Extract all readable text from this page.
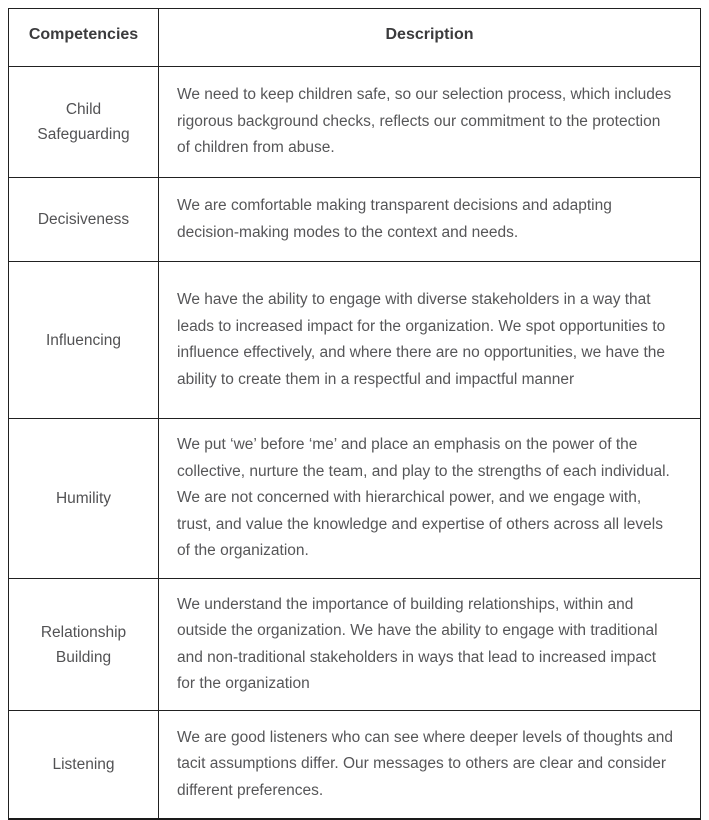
Competencies	Description
Child Safeguarding
We need to keep children safe, so our selection process, which includes rigorous background checks, reflects our commitment to the protection of children from abuse.
Decisiveness
We are comfortable making transparent decisions and adapting decision-making modes to the context and needs.
Influencing
We have the ability to engage with diverse stakeholders in a way that leads to increased impact for the organization. We spot opportunities to influence effectively, and where there are no opportunities, we have the ability to create them in a respectful and impactful manner
Humility
We put ‘we’ before ‘me’ and place an emphasis on the power of the collective, nurture the team, and play to the strengths of each individual. We are not concerned with hierarchical power, and we engage with, trust, and value the knowledge and expertise of others across all levels of the organization.
Relationship Building
We understand the importance of building relationships, within and outside the organization. We have the ability to engage with traditional and non-traditional stakeholders in ways that lead to increased impact for the organization
Listening
We are good listeners who can see where deeper levels of thoughts and tacit assumptions differ. Our messages to others are clear and consider different preferences.
